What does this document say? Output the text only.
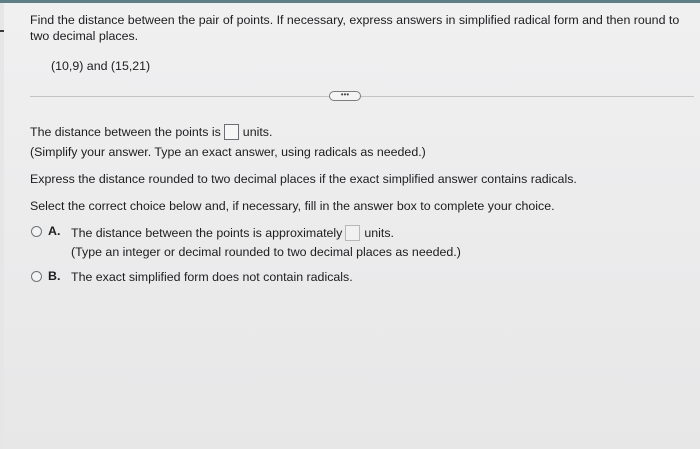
Find the distance between the pair of points. If necessary, express answers in simplified radical form and then round to two decimal places.
(10,9) and (15,21)
•••
The distance between the points is units.
(Simplify your answer. Type an exact answer, using radicals as needed.)
Express the distance rounded to two decimal places if the exact simplified answer contains radicals.
Select the correct choice below and, if necessary, fill in the answer box to complete your choice.
A. The distance between the points is approximately units.
(Type an integer or decimal rounded to two decimal places as needed.)
B. The exact simplified form does not contain radicals.
